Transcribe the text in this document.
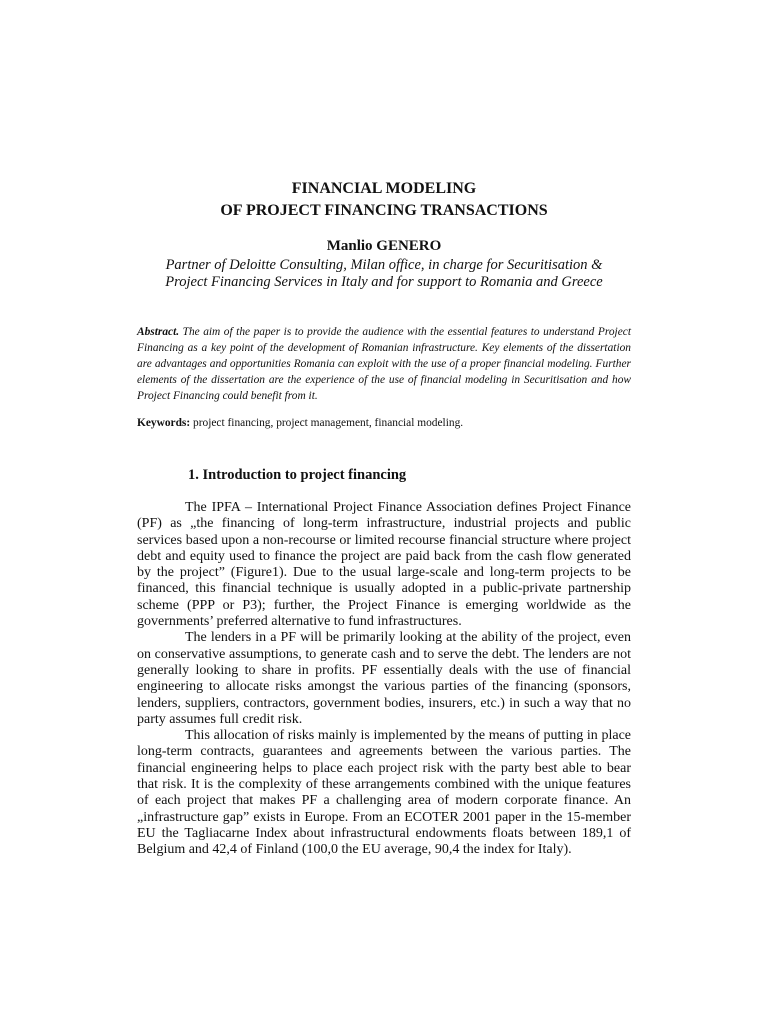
FINANCIAL MODELING
OF PROJECT FINANCING TRANSACTIONS
Manlio GENERO
Partner of Deloitte Consulting, Milan office, in charge for Securitisation &
Project Financing Services in Italy and for support to Romania and Greece

Abstract. The aim of the paper is to provide the audience with the essential features to understand Project Financing as a key point of the development of Romanian infrastructure. Key elements of the dissertation are advantages and opportunities Romania can exploit with the use of a proper financial modeling. Further elements of the dissertation are the experience of the use of financial modeling in Securitisation and how Project Financing could benefit from it.

Keywords: project financing, project management, financial modeling.

1. Introduction to project financing

The IPFA – International Project Finance Association defines Project Finance (PF) as „the financing of long-term infrastructure, industrial projects and public services based upon a non-recourse or limited recourse financial structure where project debt and equity used to finance the project are paid back from the cash flow generated by the project” (Figure1). Due to the usual large-scale and long-term projects to be financed, this financial technique is usually adopted in a public-private partnership scheme (PPP or P3); further, the Project Finance is emerging worldwide as the governments’ preferred alternative to fund infrastructures.

The lenders in a PF will be primarily looking at the ability of the project, even on conservative assumptions, to generate cash and to serve the debt. The lenders are not generally looking to share in profits. PF essentially deals with the use of financial engineering to allocate risks amongst the various parties of the financing (sponsors, lenders, suppliers, contractors, government bodies, insurers, etc.) in such a way that no party assumes full credit risk.

This allocation of risks mainly is implemented by the means of putting in place long-term contracts, guarantees and agreements between the various parties. The financial engineering helps to place each project risk with the party best able to bear that risk. It is the complexity of these arrangements combined with the unique features of each project that makes PF a challenging area of modern corporate finance. An „infrastructure gap” exists in Europe. From an ECOTER 2001 paper in the 15-member EU the Tagliacarne Index about infrastructural endowments floats between 189,1 of Belgium and 42,4 of Finland (100,0 the EU average, 90,4 the index for Italy).
